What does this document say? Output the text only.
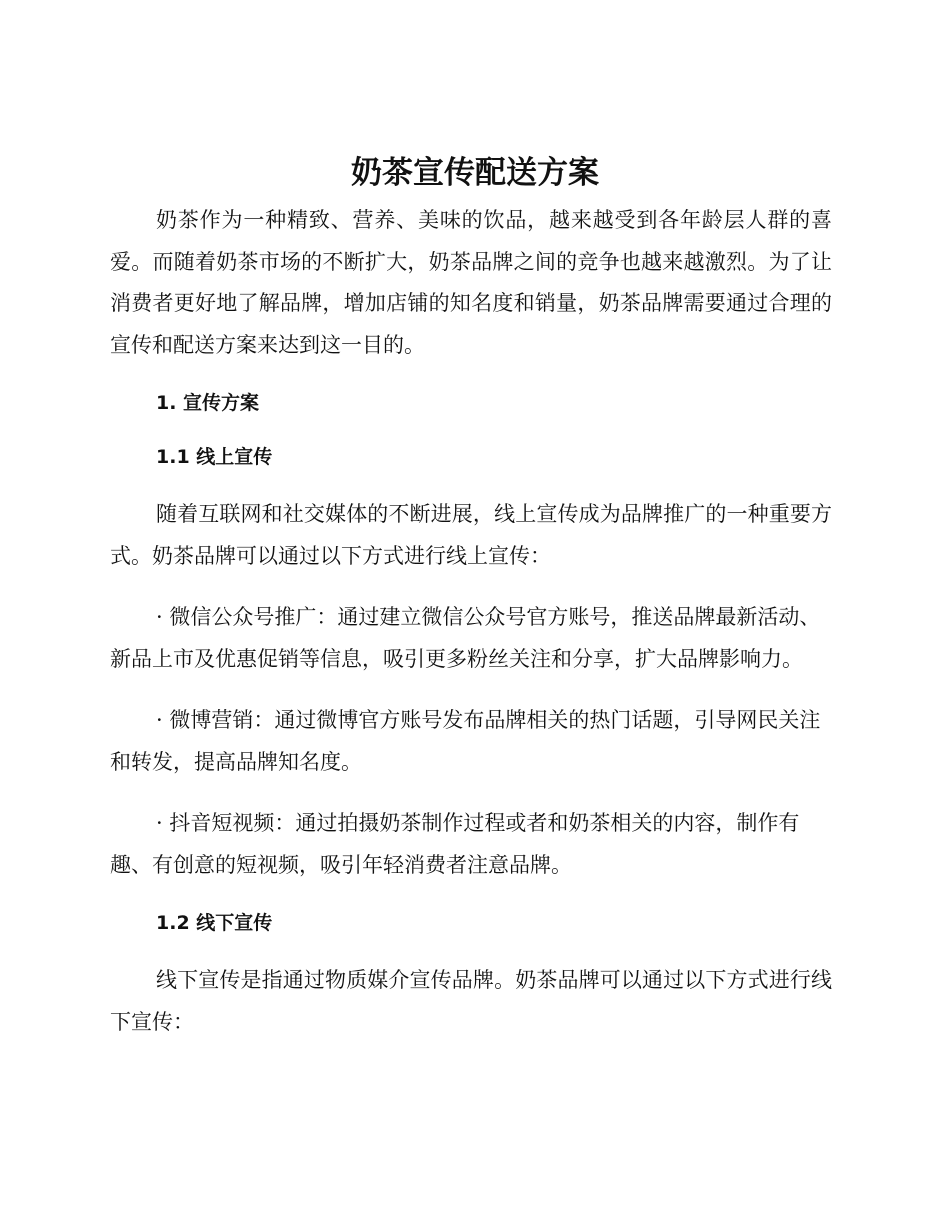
奶茶宣传配送方案

奶茶作为一种精致、营养、美味的饮品，越来越受到各年龄层人群的喜爱。而随着奶茶市场的不断扩大，奶茶品牌之间的竞争也越来越激烈。为了让消费者更好地了解品牌，增加店铺的知名度和销量，奶茶品牌需要通过合理的宣传和配送方案来达到这一目的。

1. 宣传方案
1.1 线上宣传

随着互联网和社交媒体的不断进展，线上宣传成为品牌推广的一种重要方式。奶茶品牌可以通过以下方式进行线上宣传：

· 微信公众号推广：通过建立微信公众号官方账号，推送品牌最新活动、新品上市及优惠促销等信息，吸引更多粉丝关注和分享，扩大品牌影响力。

· 微博营销：通过微博官方账号发布品牌相关的热门话题，引导网民关注和转发，提高品牌知名度。

· 抖音短视频：通过拍摄奶茶制作过程或者和奶茶相关的内容，制作有趣、有创意的短视频，吸引年轻消费者注意品牌。

1.2 线下宣传

线下宣传是指通过物质媒介宣传品牌。奶茶品牌可以通过以下方式进行线下宣传：
